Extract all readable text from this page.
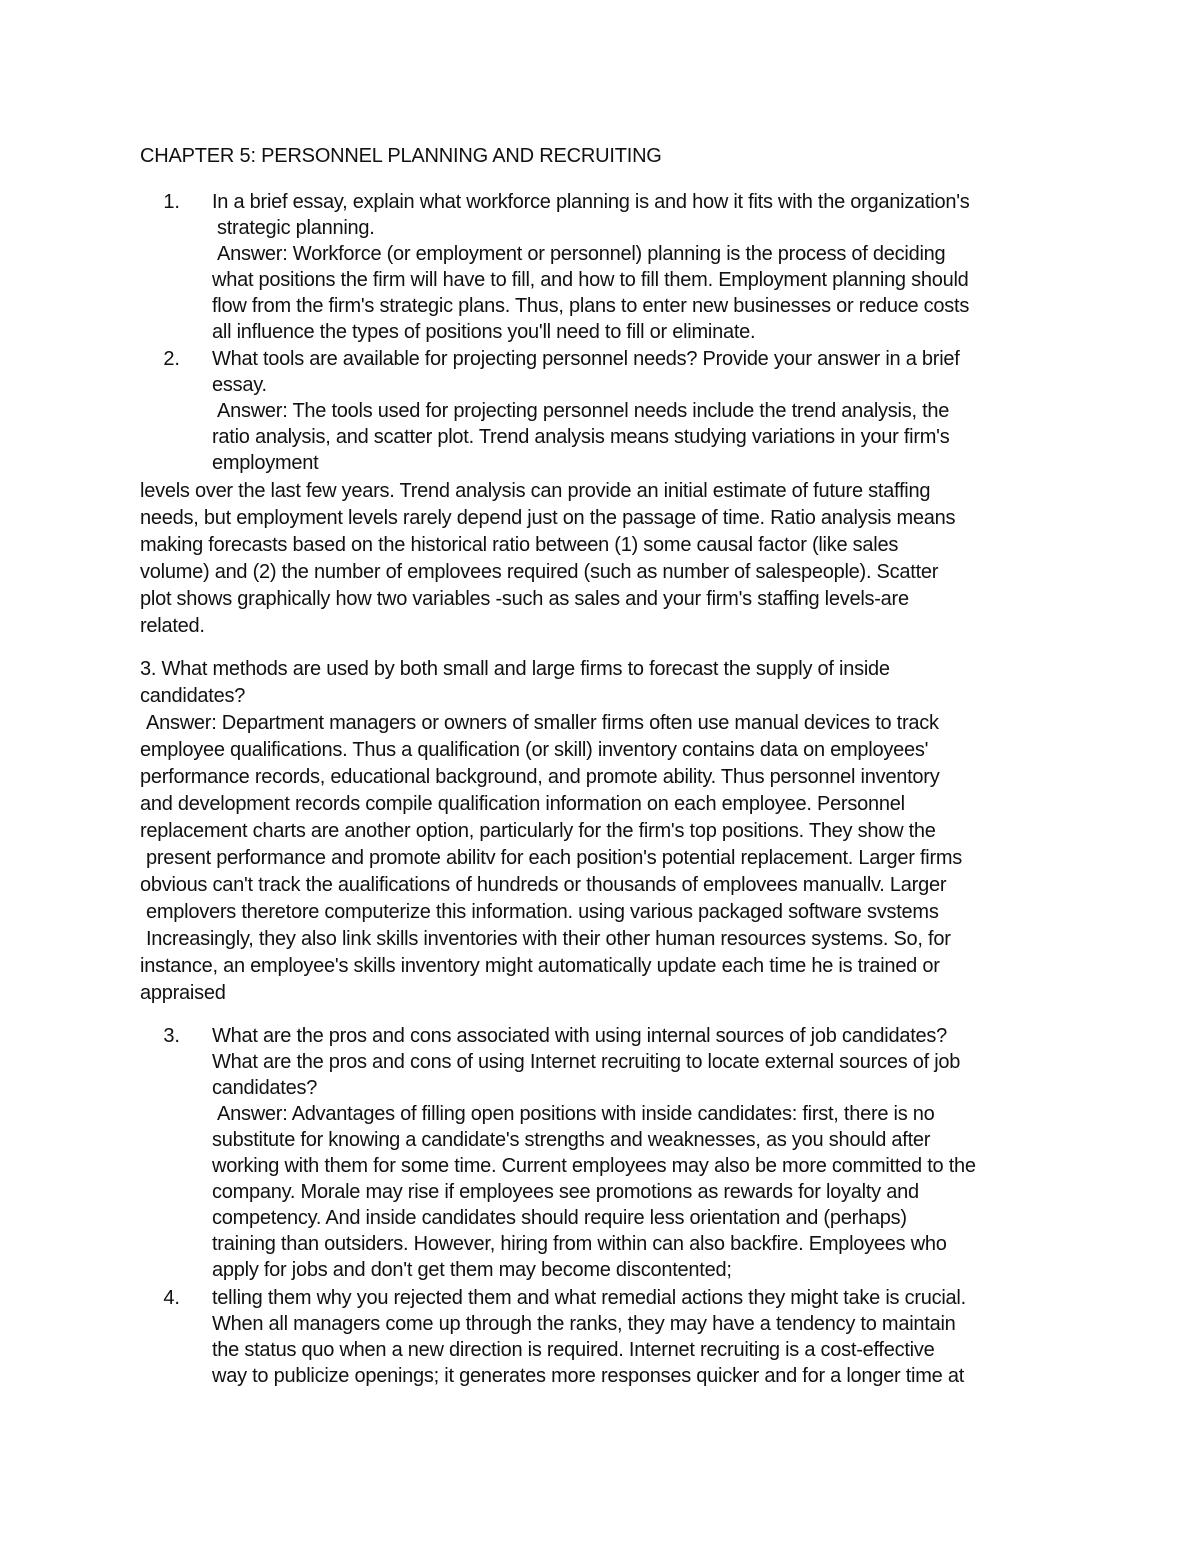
CHAPTER 5: PERSONNEL PLANNING AND RECRUITING
1. In a brief essay, explain what workforce planning is and how it fits with the organization's
strategic planning.
Answer: Workforce (or employment or personnel) planning is the process of deciding
what positions the firm will have to fill, and how to fill them. Employment planning should
flow from the firm's strategic plans. Thus, plans to enter new businesses or reduce costs
all influence the types of positions you'll need to fill or eliminate.
2. What tools are available for projecting personnel needs? Provide your answer in a brief
essay.
Answer: The tools used for projecting personnel needs include the trend analysis, the
ratio analysis, and scatter plot. Trend analysis means studying variations in your firm's
employment
levels over the last few years. Trend analysis can provide an initial estimate of future staffing
needs, but employment levels rarely depend just on the passage of time. Ratio analysis means
making forecasts based on the historical ratio between (1) some causal factor (like sales
volume) and (2) the number of emplovees required (such as number of salespeople). Scatter
plot shows graphically how two variables -such as sales and your firm's staffing levels-are
related.
3. What methods are used by both small and large firms to forecast the supply of inside
candidates?
Answer: Department managers or owners of smaller firms often use manual devices to track
employee qualifications. Thus a qualification (or skill) inventory contains data on employees'
performance records, educational background, and promote ability. Thus personnel inventory
and development records compile qualification information on each employee. Personnel
replacement charts are another option, particularly for the firm's top positions. They show the
present performance and promote abilitv for each position's potential replacement. Larger firms
obvious can't track the aualifications of hundreds or thousands of emplovees manuallv. Larger
emplovers theretore computerize this information. using various packaged software svstems
Increasingly, they also link skills inventories with their other human resources systems. So, for
instance, an employee's skills inventory might automatically update each time he is trained or
appraised
3. What are the pros and cons associated with using internal sources of job candidates?
What are the pros and cons of using Internet recruiting to locate external sources of job
candidates?
Answer: Advantages of filling open positions with inside candidates: first, there is no
substitute for knowing a candidate's strengths and weaknesses, as you should after
working with them for some time. Current employees may also be more committed to the
company. Morale may rise if employees see promotions as rewards for loyalty and
competency. And inside candidates should require less orientation and (perhaps)
training than outsiders. However, hiring from within can also backfire. Employees who
apply for jobs and don't get them may become discontented;
4. telling them why you rejected them and what remedial actions they might take is crucial.
When all managers come up through the ranks, they may have a tendency to maintain
the status quo when a new direction is required. Internet recruiting is a cost-effective
way to publicize openings; it generates more responses quicker and for a longer time at
